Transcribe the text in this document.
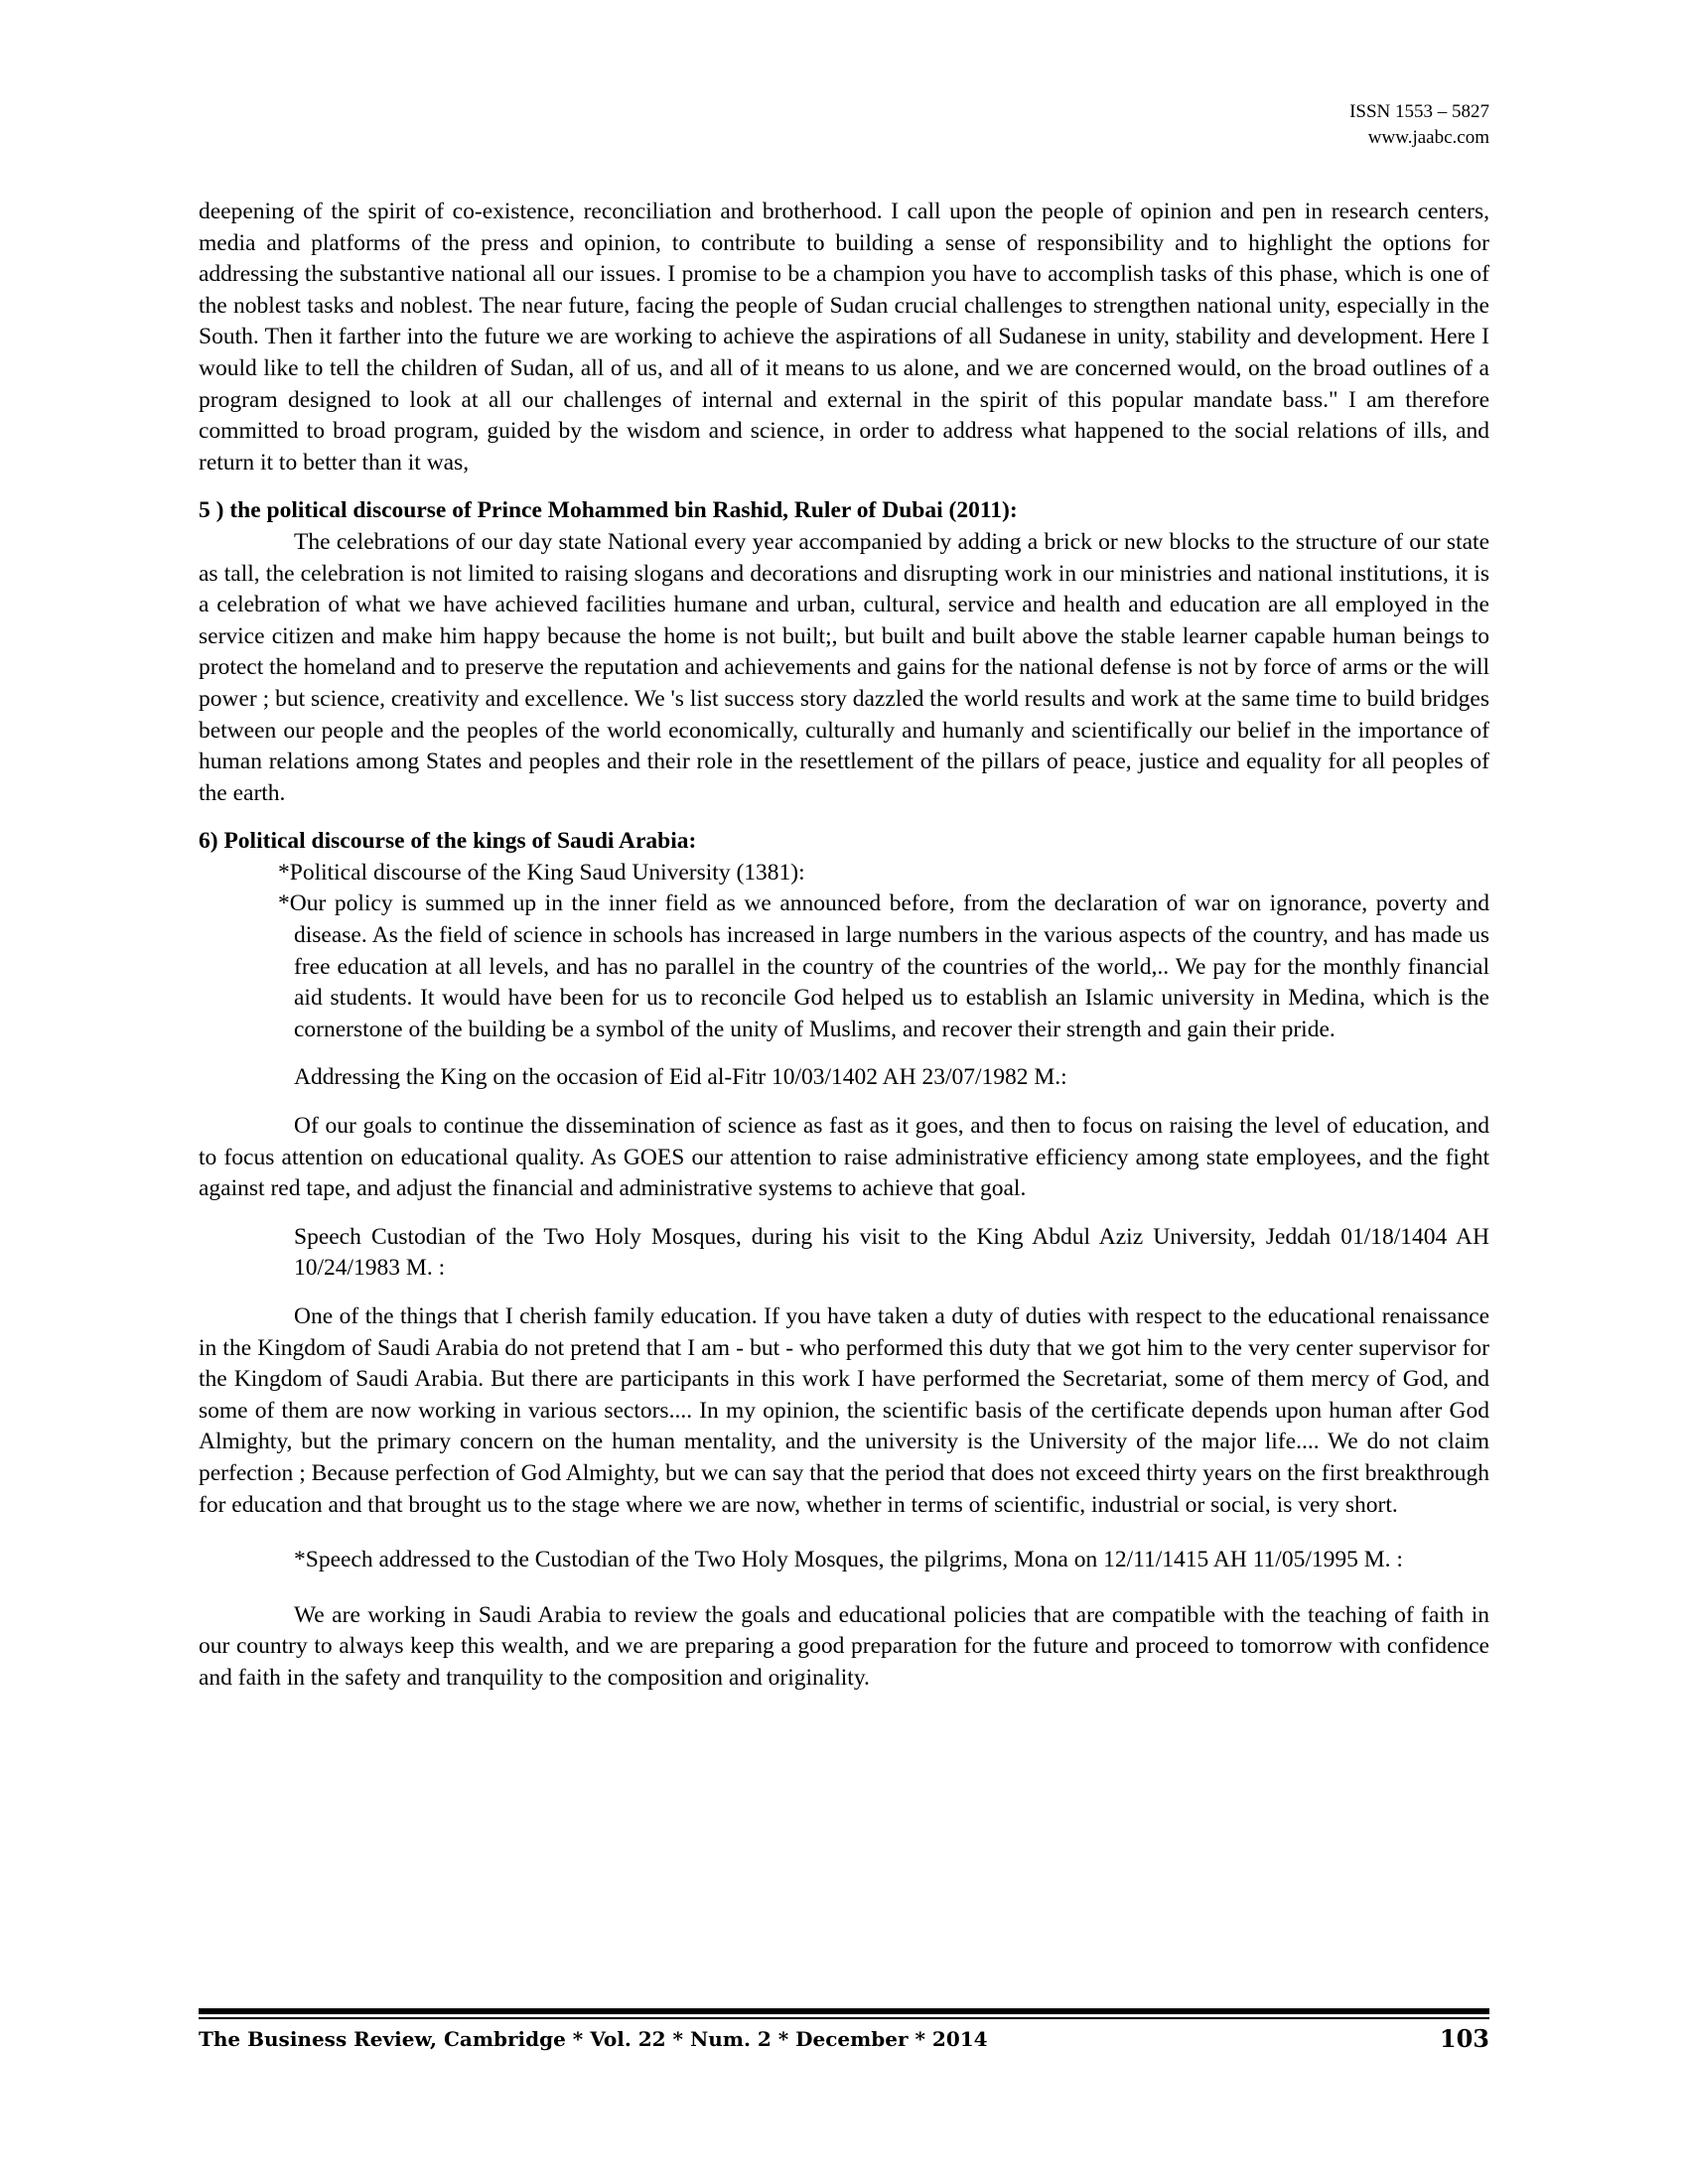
ISSN 1553 – 5827
www.jaabc.com

deepening of the spirit of co-existence, reconciliation and brotherhood. I call upon the people of opinion and pen in research centers, media and platforms of the press and opinion, to contribute to building a sense of responsibility and to highlight the options for addressing the substantive national all our issues. I promise to be a champion you have to accomplish tasks of this phase, which is one of the noblest tasks and noblest. The near future, facing the people of Sudan crucial challenges to strengthen national unity, especially in the South. Then it farther into the future we are working to achieve the aspirations of all Sudanese in unity, stability and development. Here I would like to tell the children of Sudan, all of us, and all of it means to us alone, and we are concerned would, on the broad outlines of a program designed to look at all our challenges of internal and external in the spirit of this popular mandate bass." I am therefore committed to broad program, guided by the wisdom and science, in order to address what happened to the social relations of ills, and return it to better than it was,

5 ) the political discourse of Prince Mohammed bin Rashid, Ruler of Dubai (2011):

The celebrations of our day state National every year accompanied by adding a brick or new blocks to the structure of our state as tall, the celebration is not limited to raising slogans and decorations and disrupting work in our ministries and national institutions, it is a celebration of what we have achieved facilities humane and urban, cultural, service and health and education are all employed in the service citizen and make him happy because the home is not built;, but built and built above the stable learner capable human beings to protect the homeland and to preserve the reputation and achievements and gains for the national defense is not by force of arms or the will power ; but science, creativity and excellence. We 's list success story dazzled the world results and work at the same time to build bridges between our people and the peoples of the world economically, culturally and humanly and scientifically our belief in the importance of human relations among States and peoples and their role in the resettlement of the pillars of peace, justice and equality for all peoples of the earth.

6) Political discourse of the kings of Saudi Arabia:

*Political discourse of the King Saud University (1381):

*Our policy is summed up in the inner field as we announced before, from the declaration of war on ignorance, poverty and disease. As the field of science in schools has increased in large numbers in the various aspects of the country, and has made us free education at all levels, and has no parallel in the country of the countries of the world,.. We pay for the monthly financial aid students. It would have been for us to reconcile God helped us to establish an Islamic university in Medina, which is the cornerstone of the building be a symbol of the unity of Muslims, and recover their strength and gain their pride.

Addressing the King on the occasion of Eid al-Fitr 10/03/1402 AH 23/07/1982 M.:

Of our goals to continue the dissemination of science as fast as it goes, and then to focus on raising the level of education, and to focus attention on educational quality. As GOES our attention to raise administrative efficiency among state employees, and the fight against red tape, and adjust the financial and administrative systems to achieve that goal.

Speech Custodian of the Two Holy Mosques, during his visit to the King Abdul Aziz University, Jeddah 01/18/1404 AH 10/24/1983 M. :

One of the things that I cherish family education. If you have taken a duty of duties with respect to the educational renaissance in the Kingdom of Saudi Arabia do not pretend that I am - but - who performed this duty that we got him to the very center supervisor for the Kingdom of Saudi Arabia. But there are participants in this work I have performed the Secretariat, some of them mercy of God, and some of them are now working in various sectors.... In my opinion, the scientific basis of the certificate depends upon human after God Almighty, but the primary concern on the human mentality, and the university is the University of the major life.... We do not claim perfection ; Because perfection of God Almighty, but we can say that the period that does not exceed thirty years on the first breakthrough for education and that brought us to the stage where we are now, whether in terms of scientific, industrial or social, is very short.

*Speech addressed to the Custodian of the Two Holy Mosques, the pilgrims, Mona on 12/11/1415 AH 11/05/1995 M. :

We are working in Saudi Arabia to review the goals and educational policies that are compatible with the teaching of faith in our country to always keep this wealth, and we are preparing a good preparation for the future and proceed to tomorrow with confidence and faith in the safety and tranquility to the composition and originality.

The Business Review, Cambridge * Vol. 22 * Num. 2 * December * 2014	103
